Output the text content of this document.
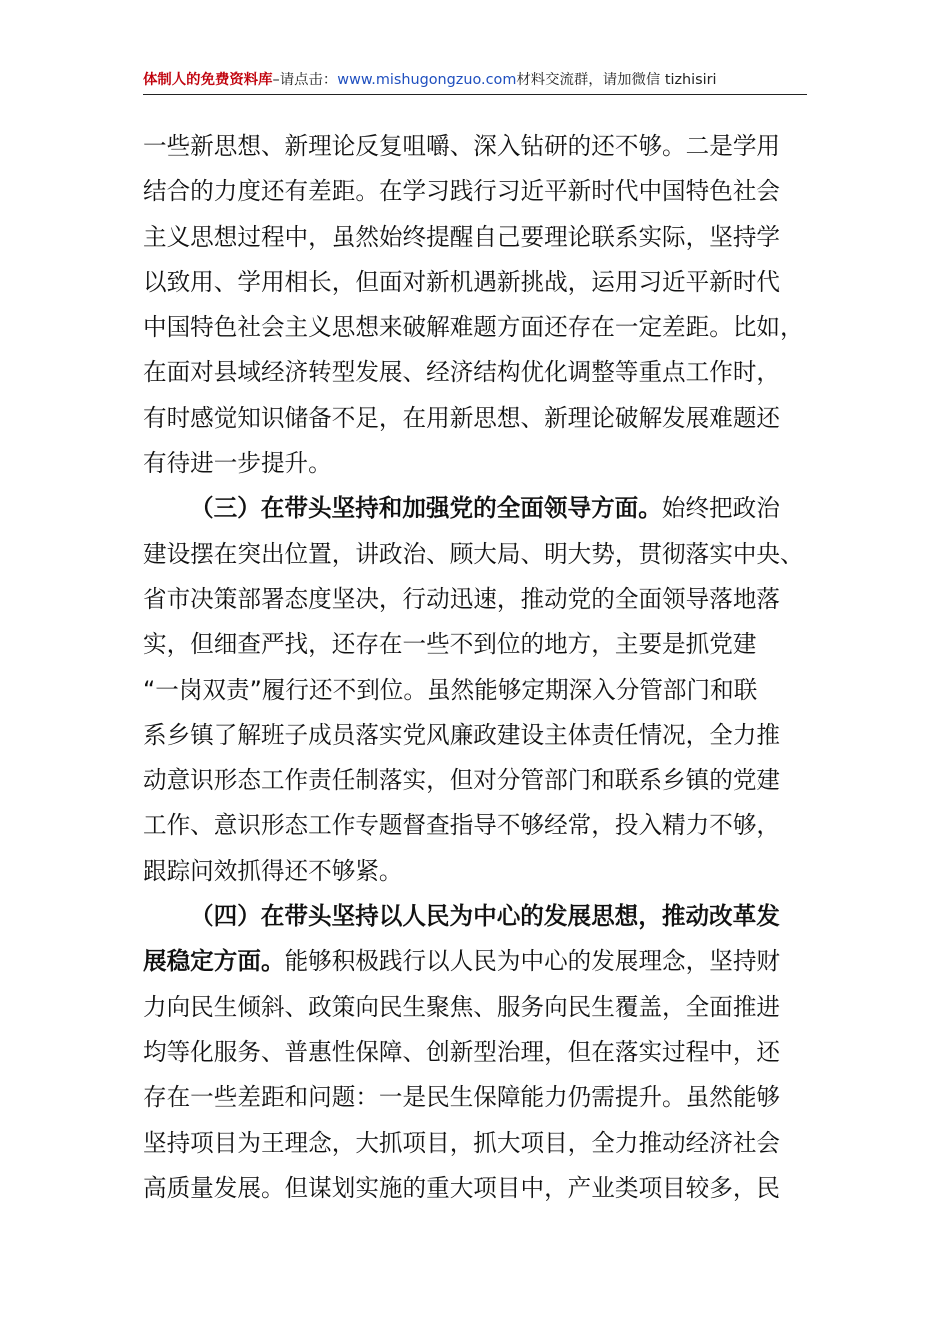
体制人的免费资料库–请点击：www.mishugongzuo.com材料交流群，请加微信 tizhisiri
一些新思想、新理论反复咀嚼、深入钻研的还不够。二是学用
结合的力度还有差距。在学习践行习近平新时代中国特色社会
主义思想过程中，虽然始终提醒自己要理论联系实际，坚持学
以致用、学用相长，但面对新机遇新挑战，运用习近平新时代
中国特色社会主义思想来破解难题方面还存在一定差距。比如，
在面对县域经济转型发展、经济结构优化调整等重点工作时，
有时感觉知识储备不足，在用新思想、新理论破解发展难题还
有待进一步提升。
（三）在带头坚持和加强党的全面领导方面。始终把政治
建设摆在突出位置，讲政治、顾大局、明大势，贯彻落实中央、
省市决策部署态度坚决，行动迅速，推动党的全面领导落地落
实，但细查严找，还存在一些不到位的地方，主要是抓党建
“一岗双责”履行还不到位。虽然能够定期深入分管部门和联
系乡镇了解班子成员落实党风廉政建设主体责任情况，全力推
动意识形态工作责任制落实，但对分管部门和联系乡镇的党建
工作、意识形态工作专题督查指导不够经常，投入精力不够，
跟踪问效抓得还不够紧。
（四）在带头坚持以人民为中心的发展思想，推动改革发
展稳定方面。能够积极践行以人民为中心的发展理念，坚持财
力向民生倾斜、政策向民生聚焦、服务向民生覆盖，全面推进
均等化服务、普惠性保障、创新型治理，但在落实过程中，还
存在一些差距和问题：一是民生保障能力仍需提升。虽然能够
坚持项目为王理念，大抓项目，抓大项目，全力推动经济社会
高质量发展。但谋划实施的重大项目中，产业类项目较多，民
